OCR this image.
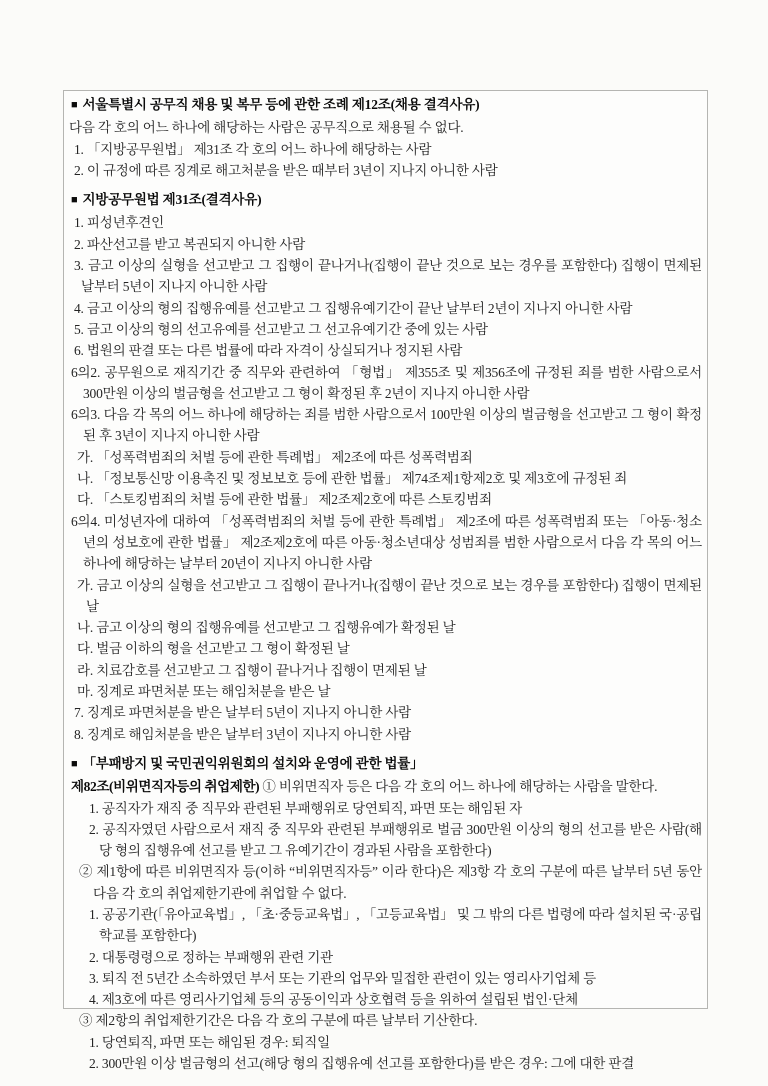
■ 서울특별시 공무직 채용 및 복무 등에 관한 조례 제12조(채용 결격사유)
다음 각 호의 어느 하나에 해당하는 사람은 공무직으로 채용될 수 없다.
1. 「지방공무원법」 제31조 각 호의 어느 하나에 해당하는 사람
2. 이 규정에 따른 징계로 해고처분을 받은 때부터 3년이 지나지 아니한 사람
■ 지방공무원법 제31조(결격사유)
1. 피성년후견인
2. 파산선고를 받고 복권되지 아니한 사람
3. 금고 이상의 실형을 선고받고 그 집행이 끝나거나(집행이 끝난 것으로 보는 경우를 포함한다) 집행이 면제된 날부터 5년이 지나지 아니한 사람
4. 금고 이상의 형의 집행유예를 선고받고 그 집행유예기간이 끝난 날부터 2년이 지나지 아니한 사람
5. 금고 이상의 형의 선고유예를 선고받고 그 선고유예기간 중에 있는 사람
6. 법원의 판결 또는 다른 법률에 따라 자격이 상실되거나 정지된 사람
6의2. 공무원으로 재직기간 중 직무와 관련하여 「형법」 제355조 및 제356조에 규정된 죄를 범한 사람으로서 300만원 이상의 벌금형을 선고받고 그 형이 확정된 후 2년이 지나지 아니한 사람
6의3. 다음 각 목의 어느 하나에 해당하는 죄를 범한 사람으로서 100만원 이상의 벌금형을 선고받고 그 형이 확정된 후 3년이 지나지 아니한 사람
가. 「성폭력범죄의 처벌 등에 관한 특례법」 제2조에 따른 성폭력범죄
나. 「정보통신망 이용촉진 및 정보보호 등에 관한 법률」 제74조제1항제2호 및 제3호에 규정된 죄
다. 「스토킹범죄의 처벌 등에 관한 법률」 제2조제2호에 따른 스토킹범죄
6의4. 미성년자에 대하여 「성폭력범죄의 처벌 등에 관한 특례법」 제2조에 따른 성폭력범죄 또는 「아동·청소년의 성보호에 관한 법률」 제2조제2호에 따른 아동·청소년대상 성범죄를 범한 사람으로서 다음 각 목의 어느 하나에 해당하는 날부터 20년이 지나지 아니한 사람
가. 금고 이상의 실형을 선고받고 그 집행이 끝나거나(집행이 끝난 것으로 보는 경우를 포함한다) 집행이 면제된 날
나. 금고 이상의 형의 집행유예를 선고받고 그 집행유예가 확정된 날
다. 벌금 이하의 형을 선고받고 그 형이 확정된 날
라. 치료감호를 선고받고 그 집행이 끝나거나 집행이 면제된 날
마. 징계로 파면처분 또는 해임처분을 받은 날
7. 징계로 파면처분을 받은 날부터 5년이 지나지 아니한 사람
8. 징계로 해임처분을 받은 날부터 3년이 지나지 아니한 사람
■ 「부패방지 및 국민권익위원회의 설치와 운영에 관한 법률」
제82조(비위면직자등의 취업제한) ① 비위면직자 등은 다음 각 호의 어느 하나에 해당하는 사람을 말한다.
1. 공직자가 재직 중 직무와 관련된 부패행위로 당연퇴직, 파면 또는 해임된 자
2. 공직자였던 사람으로서 재직 중 직무와 관련된 부패행위로 벌금 300만원 이상의 형의 선고를 받은 사람(해당 형의 집행유예 선고를 받고 그 유예기간이 경과된 사람을 포함한다)
② 제1항에 따른 비위면직자 등(이하 “비위면직자등” 이라 한다)은 제3항 각 호의 구분에 따른 날부터 5년 동안 다음 각 호의 취업제한기관에 취업할 수 없다.
1. 공공기관(「유아교육법」, 「초·중등교육법」, 「고등교육법」 및 그 밖의 다른 법령에 따라 설치된 국·공립학교를 포함한다)
2. 대통령령으로 정하는 부패행위 관련 기관
3. 퇴직 전 5년간 소속하였던 부서 또는 기관의 업무와 밀접한 관련이 있는 영리사기업체 등
4. 제3호에 따른 영리사기업체 등의 공동이익과 상호협력 등을 위하여 설립된 법인·단체
③ 제2항의 취업제한기간은 다음 각 호의 구분에 따른 날부터 기산한다.
1. 당연퇴직, 파면 또는 해임된 경우: 퇴직일
2. 300만원 이상 벌금형의 선고(해당 형의 집행유예 선고를 포함한다)를 받은 경우: 그에 대한 판결
